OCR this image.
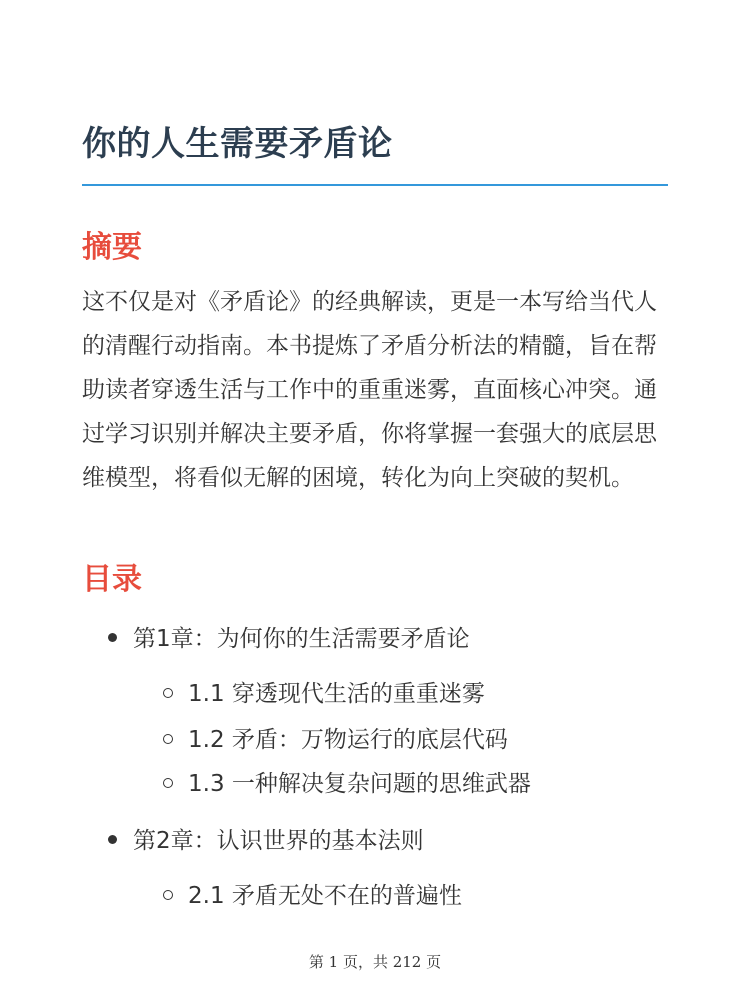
你的人生需要矛盾论
摘要

这不仅是对《矛盾论》的经典解读，更是一本写给当代人的清醒行动指南。本书提炼了矛盾分析法的精髓，旨在帮助读者穿透生活与工作中的重重迷雾，直面核心冲突。通过学习识别并解决主要矛盾，你将掌握一套强大的底层思维模型，将看似无解的困境，转化为向上突破的契机。

目录
第1章：为何你的生活需要矛盾论
1.1 穿透现代生活的重重迷雾
1.2 矛盾：万物运行的底层代码
1.3 一种解决复杂问题的思维武器
第2章：认识世界的基本法则
2.1 矛盾无处不在的普遍性
第 1 页，共 212 页
